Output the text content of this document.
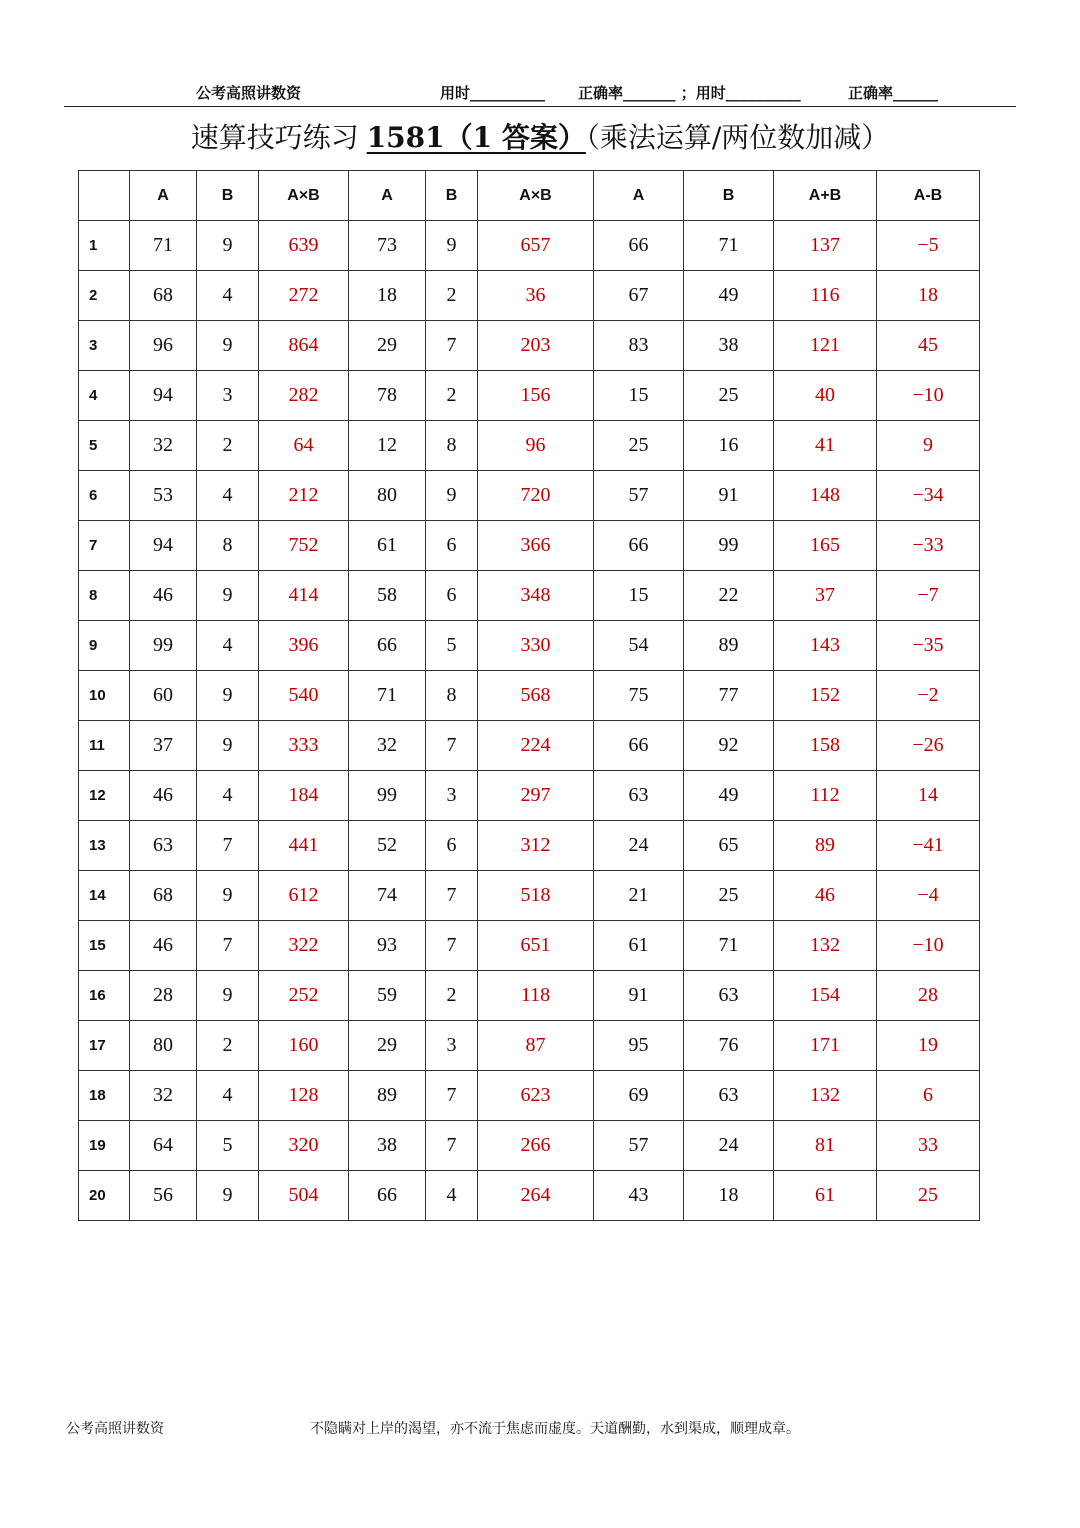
公考高照讲数资	用时__________ 正确率_______ ；用时__________	正确率______
速算技巧练习 1581（1 答案）（乘法运算/两位数加减）
	A	B	A×B	A	B	A×B	A	B	A+B	A-B
1	71	9	639	73	9	657	66	71	137	−5
2	68	4	272	18	2	36	67	49	116	18
3	96	9	864	29	7	203	83	38	121	45
4	94	3	282	78	2	156	15	25	40	−10
5	32	2	64	12	8	96	25	16	41	9
6	53	4	212	80	9	720	57	91	148	−34
7	94	8	752	61	6	366	66	99	165	−33
8	46	9	414	58	6	348	15	22	37	−7
9	99	4	396	66	5	330	54	89	143	−35
10	60	9	540	71	8	568	75	77	152	−2
11	37	9	333	32	7	224	66	92	158	−26
12	46	4	184	99	3	297	63	49	112	14
13	63	7	441	52	6	312	24	65	89	−41
14	68	9	612	74	7	518	21	25	46	−4
15	46	7	322	93	7	651	61	71	132	−10
16	28	9	252	59	2	118	91	63	154	28
17	80	2	160	29	3	87	95	76	171	19
18	32	4	128	89	7	623	69	63	132	6
19	64	5	320	38	7	266	57	24	81	33
20	56	9	504	66	4	264	43	18	61	25
公考高照讲数资	不隐瞒对上岸的渴望，亦不流于焦虑而虚度。天道酬勤，水到渠成，顺理成章。
